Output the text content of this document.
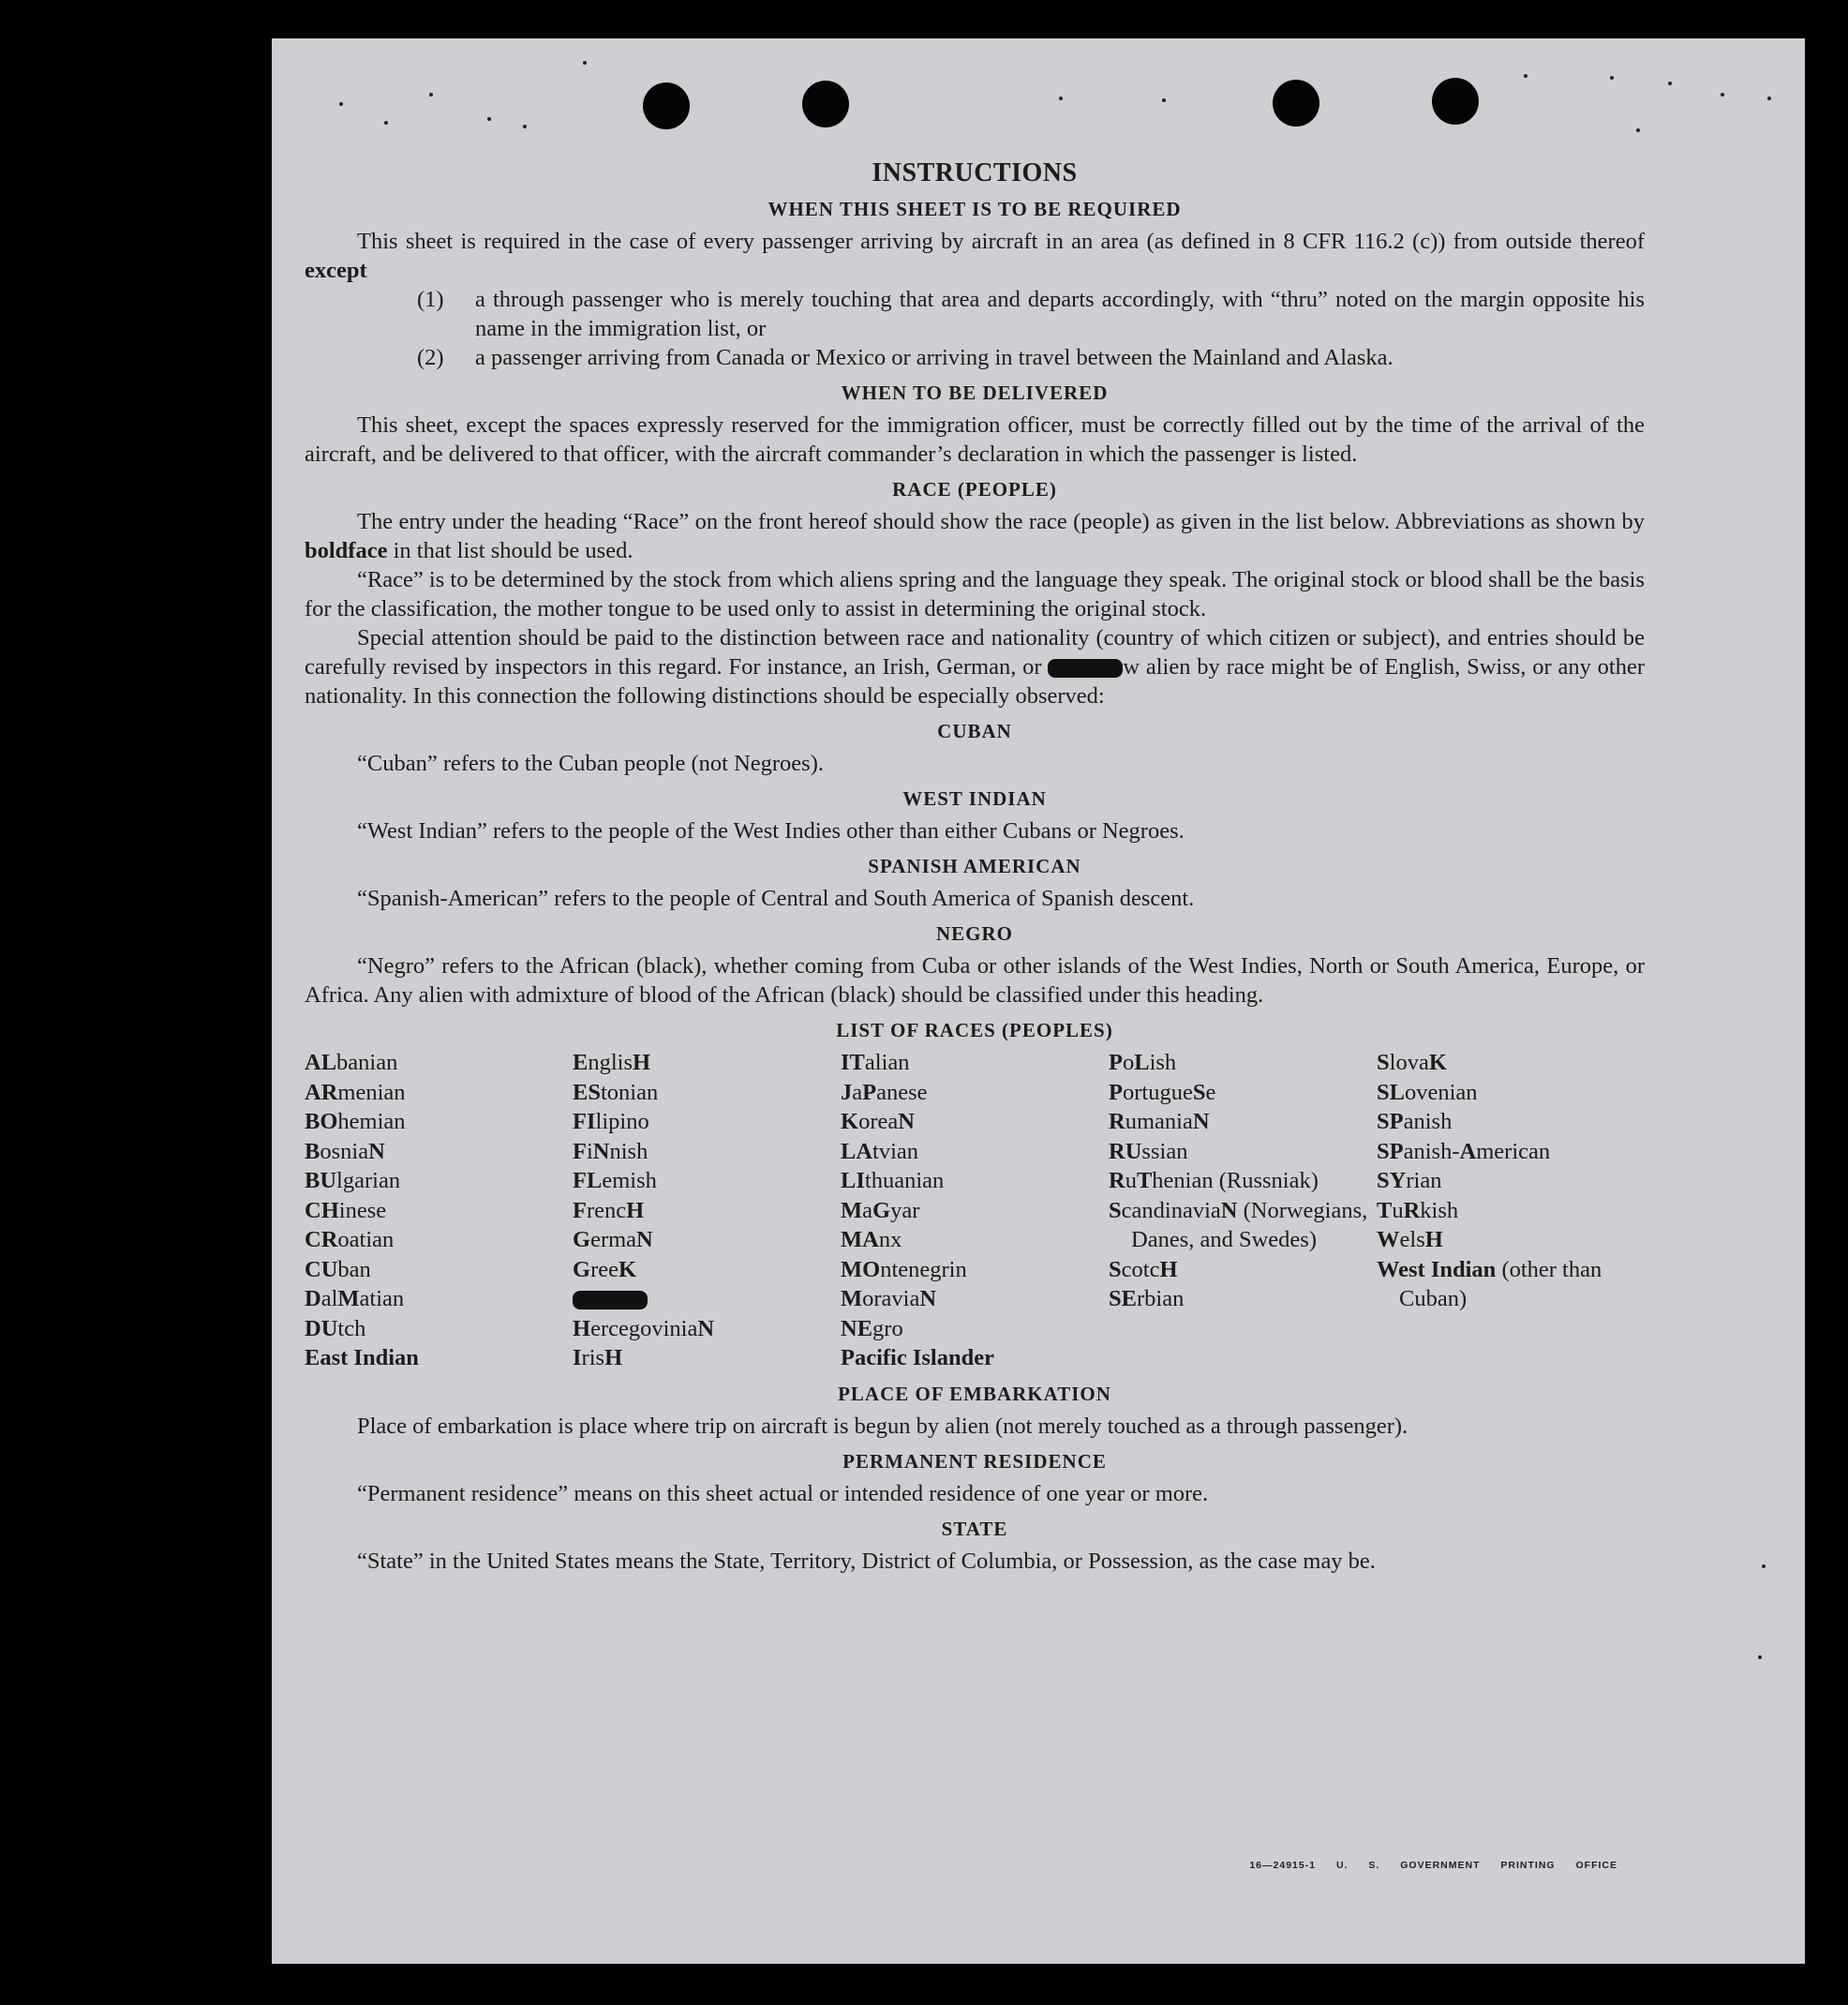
INSTRUCTIONS
WHEN THIS SHEET IS TO BE REQUIRED

This sheet is required in the case of every passenger arriving by aircraft in an area (as defined in 8 CFR 116.2 (c)) from outside thereof except

(1) a through passenger who is merely touching that area and departs accordingly, with “thru” noted on the margin opposite his name in the immigration list, or

(2) a passenger arriving from Canada or Mexico or arriving in travel between the Mainland and Alaska.

WHEN TO BE DELIVERED

This sheet, except the spaces expressly reserved for the immigration officer, must be correctly filled out by the time of the arrival of the aircraft, and be delivered to that officer, with the aircraft commander’s declaration in which the passenger is listed.

RACE (PEOPLE)

The entry under the heading “Race” on the front hereof should show the race (people) as given in the list below. Abbreviations as shown by boldface in that list should be used.

“Race” is to be determined by the stock from which aliens spring and the language they speak. The original stock or blood shall be the basis for the classification, the mother tongue to be used only to assist in determining the original stock.

Special attention should be paid to the distinction between race and nationality (country of which citizen or subject), and entries should be carefully revised by inspectors in this regard. For instance, an Irish, German, or	w alien by race might be of English, Swiss, or any other nationality. In this connection the following distinctions should be especially observed:

CUBAN

“Cuban” refers to the Cuban people (not Negroes).

WEST INDIAN

“West Indian” refers to the people of the West Indies other than either Cubans or Negroes.

SPANISH AMERICAN

“Spanish-American” refers to the people of Central and South America of Spanish descent.

NEGRO

“Negro” refers to the African (black), whether coming from Cuba or other islands of the West Indies, North or South America, Europe, or Africa. Any alien with admixture of blood of the African (black) should be classified under this heading.

LIST OF RACES (PEOPLES)
ALbanian
ARmenian
BOhemian
BosniaN
BUlgarian
CHinese
CRoatian
CUban
DalMatian
DUtch
East Indian
EnglisH
EStonian
FIlipino
FiNnish
FLemish
FrencH
GermaN
GreeK
HercegoviniaN
IrisH
ITalian
JaPanese
KoreaN
LAtvian
LIthuanian
MaGyar
MAnx
MOntenegrin
MoraviaN
NEgro
Pacific Islander
PoLish
PortugueSe
RumaniaN
RUssian
RuThenian (Russniak)
ScandinaviaN (Norwegians, Danes, and Swedes)
ScotcH
SErbian
SlovaK
SLovenian
SPanish
SPanish-American
SYrian
TuRkish
WelsH
West Indian (other than Cuban)
PLACE OF EMBARKATION

Place of embarkation is place where trip on aircraft is begun by alien (not merely touched as a through passenger).

PERMANENT RESIDENCE

“Permanent residence” means on this sheet actual or intended residence of one year or more.

STATE

“State” in the United States means the State, Territory, District of Columbia, or Possession, as the case may be.

16—24915-1 U. S. GOVERNMENT PRINTING OFFICE
